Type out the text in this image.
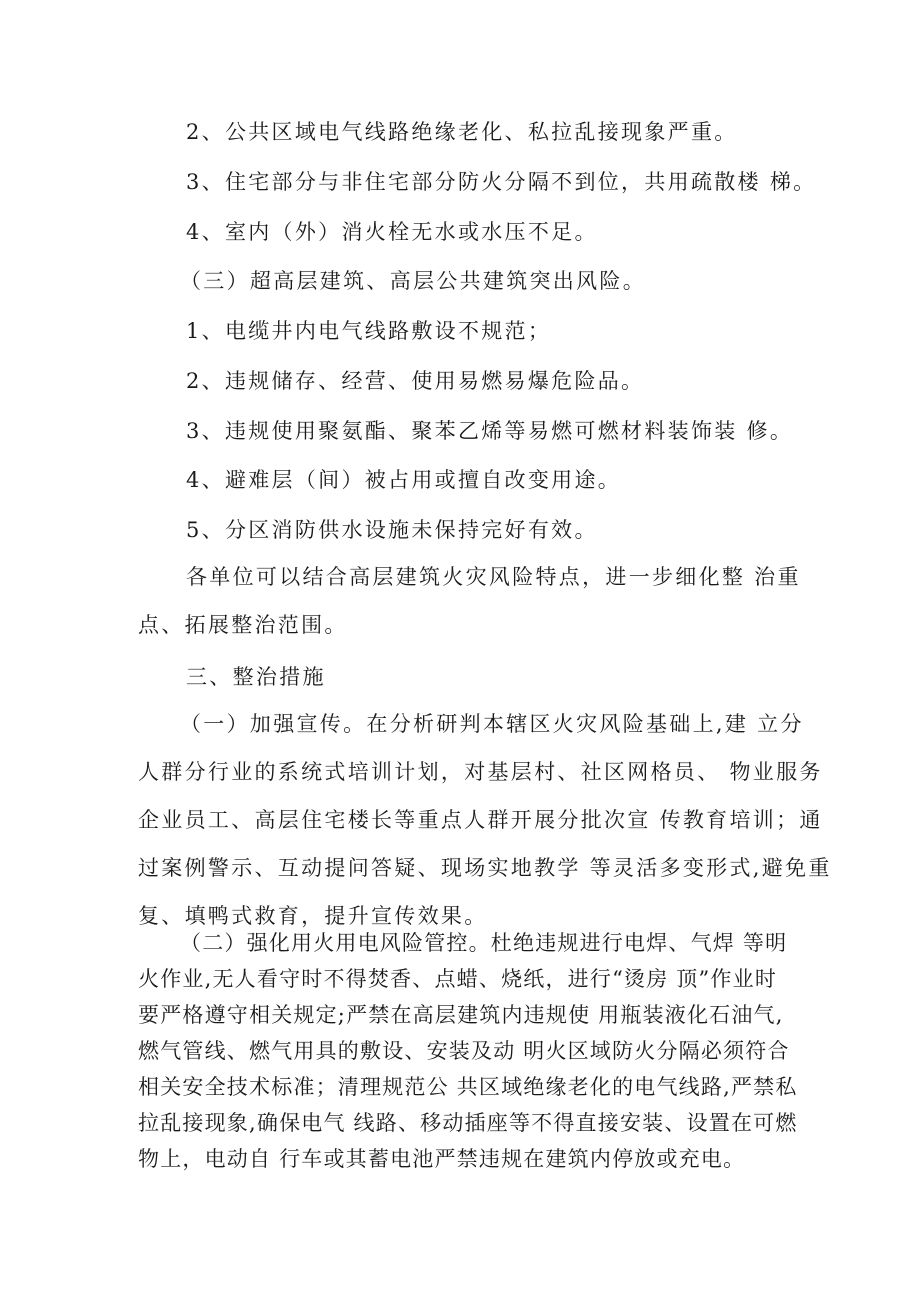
2、公共区域电气线路绝缘老化、私拉乱接现象严重。

3、住宅部分与非住宅部分防火分隔不到位，共用疏散楼 梯。

4、室内（外）消火栓无水或水压不足。

（三）超高层建筑、高层公共建筑突出风险。

1、电缆井内电气线路敷设不规范；

2、违规储存、经营、使用易燃易爆危险品。

3、违规使用聚氨酯、聚苯乙烯等易燃可燃材料装饰装 修。

4、避难层（间）被占用或擅自改变用途。

5、分区消防供水设施未保持完好有效。

各单位可以结合高层建筑火灾风险特点，进一步细化整 治重
点、拓展整治范围。

三、整治措施

（一）加强宣传。在分析研判本辖区火灾风险基础上,建 立分
人群分行业的系统式培训计划，对基层村、社区网格员、 物业服务
企业员工、高层住宅楼长等重点人群开展分批次宣 传教育培训；通
过案例警示、互动提问答疑、现场实地教学 等灵活多变形式,避免重
复、填鸭式救育，提升宣传效果。
（二）强化用火用电风险管控。杜绝违规进行电焊、气焊 等明
火作业,无人看守时不得焚香、点蜡、烧纸，进行“烫房 顶”作业时
要严格遵守相关规定;严禁在高层建筑内违规使 用瓶装液化石油气,
燃气管线、燃气用具的敷设、安装及动 明火区域防火分隔必须符合
相关安全技术标准；清理规范公 共区域绝缘老化的电气线路,严禁私
拉乱接现象,确保电气 线路、移动插座等不得直接安装、设置在可燃
物上，电动自 行车或其蓄电池严禁违规在建筑内停放或充电。
